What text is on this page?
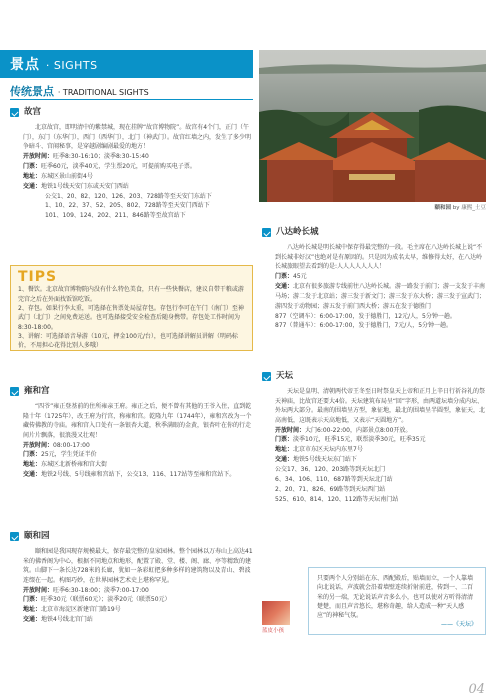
景点 · SIGHTS
传统景点 · TRADITIONAL SIGHTS
故宫
北京故宫，即明清中的紫禁城，现在挂牌“故宫博物院”。故宫有4个门，正门（午门），东门（东华门），西门（西华门），北门（神武门）。故宫红墙之内，发生了多少明争暗斗、宫闱秘事，是穿越剧编剧最爱的地方！
开放时间：旺季8:30-16:10；淡季8:30-15:40
门票：旺季60元，淡季40元，学生票20元，可提前购买电子票。
地址：东城区景山前街4号
交通：地铁1号线天安门东或天安门西站
公交1、20、82、120、126、203、728路等至天安门东站下
1、10、22、37、52、205、802、728路等至天安门西站下
101、109、124、202、211、846路等至故宫站下
TIPS
1、餐饮。北京故宫博物院内没有什么特色美食，只有一些快餐店，建议自带干粮或游完宫之后在外面找饭馆吃饭。
2、存包。如果行李太重，可选择在售票处局屋存包。存包行李可在午门（南门）至神武门（北门）之间免费运送。也可选择接受安全检查后随身携带。存包处工作时间为8:30-18:00。
3、讲解：可选择语音导游（10元，押金100元/台），也可选择讲解员讲解（明码标价，不用担心花得比别人多哦）
雍和宫
“四爷”雍正登基前的住所雍亲王府。雍正之后，便不曾有其他的王爷入住，直到乾隆十年（1725年），改王府为行宫，称雍和宫。乾隆九年（1744年），雍和宫改为一个藏传佛教的寺庙。雍和宫入口处有一条银杏大道，秋季满眼的金黄，银杏叶在你的行走间片片飘落，很浪漫又壮观！
开放时间：08:00-17:00
门票：25元，学生凭证半价
地址：东城区北新桥雍和宫大街
交通：地铁2号线、5号线雍和宫站下，公交13、116、117站等至雍和宫站下。
颐和园
颐和园是我国现存规模最大，保存最完整的皇家园林。整个园林以万寿山上高达41米的佛香阁为中心，根据不同地点和地形，配置了殿、堂、楼、阁、廊、亭等精致的建筑。山脚下一条长达728米的长廊，犹如一条彩虹把多种多样的建筑物以及青山、碧波连缀在一起。构图巧妙，在世界园林艺术史上堪称罕见。
开放时间：旺季6:30-18:00；淡季7:00-17:00
门票：旺季30元（联票60元）；淡季20元（联票50元）
地址：北京市海淀区新建宫门路19号
交通：地铁4号线北宫门站
颐和园 by 康熙_土豆
八达岭长城
八达岭长城是明长城中保存得最完整的一段。毛主席在八达岭长城上说“不到长城非好汉”也绝对是有原因的。只是因为成名太早，维修得太好，在八达岭长城旅眼望去看到的是:人人人人人人人！
门票：45元
交通：北京有很多旅游专线前往八达岭长城。游一路发于前门；游一支发于丰南马场；游二发于北京站；游三发于新文门；游三发于东大桥；游三发于宣武门；游四发于动物园；游五发于前门西大桥；游五在发于德胜门
877（空调车）：6:00-17:00，发于德胜门，12元/人，5分钟一趟。
877（普通车）：6:00-17:00，发于德胜门，7元/人，5分钟一趟。
天坛
天坛是皇明、清朝两代帝王冬至日时祭皇天上帝和正月上辛日行祈谷礼的祭天神庙，比故宫还要大4倍。天坛建筑布局呈“回”字形，由两道坛墙分成内坛、外坛两大部分。最南的围墙呈方型，象征地，最北的围墙呈半圆型，象征天，北高南低，这既表示天高地低，又表示“天圆地方”。
开放时间：大门6:00-22:00，内部景点8:00开放。
门票：淡季10元，旺季15元，联票淡季30元，旺季35元
地址：北京市东区天坛内东里7号
交通：地铁5号线天坛东门站下
公交17、36、120、203路等到天坛北门
6、34、106、110、687路等到天坛北门站
2、20、71、826、69路等到天坛西门站
525、610、814、120、112路等天坛南门站
蓝皮小孩
只要两个人分别站在东、西配殿后，贴墙而立，一个人靠墙向北说话，声波就会沿着墙壁连续折射前进，传到一、二百米的另一端，无论说话声音多么小，也可以使对方听得清清楚楚，而且声音悠长，堪称奇趣，给人造成一种“天人感应”的神秘气氛。
——《天坛》
04
